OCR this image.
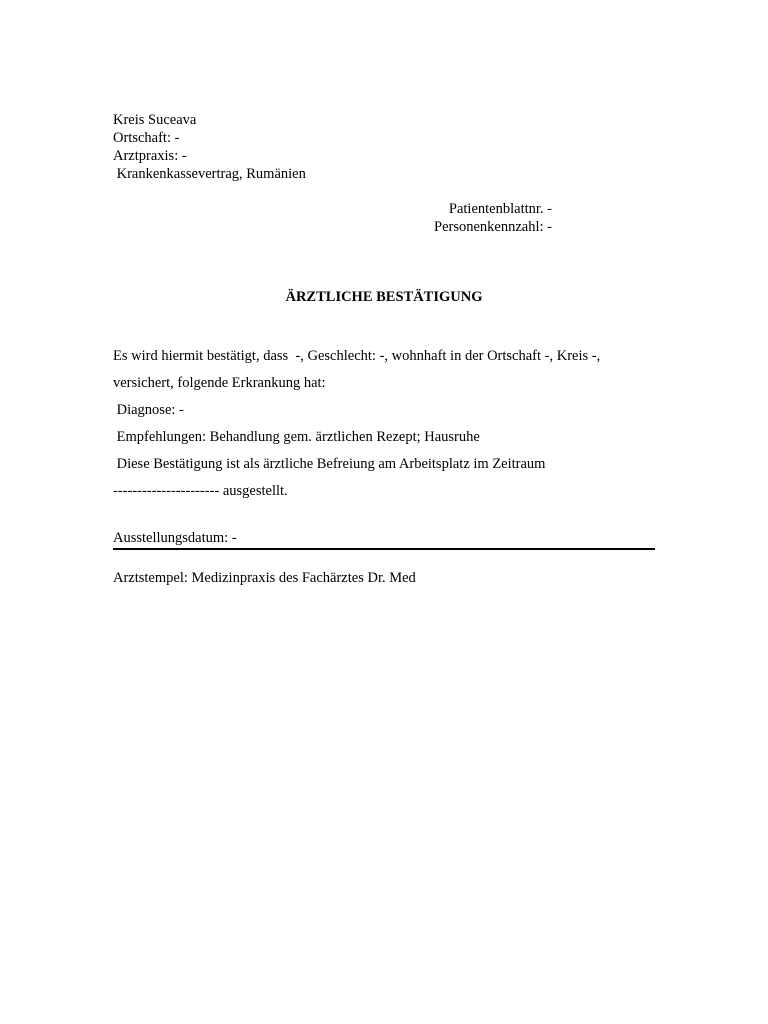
Kreis Suceava
Ortschaft: -
Arztpraxis: -
Krankenkassevertrag, Rumänien
Patientenblattnr. -
Personenkennzahl: -
ÄRZTLICHE BESTÄTIGUNG
Es wird hiermit bestätigt, dass  -, Geschlecht: -, wohnhaft in der Ortschaft -, Kreis -,
versichert, folgende Erkrankung hat:
Diagnose: -
Empfehlungen: Behandlung gem. ärztlichen Rezept; Hausruhe
Diese Bestätigung ist als ärztliche Befreiung am Arbeitsplatz im Zeitraum
---------------------- ausgestellt.
Ausstellungsdatum: -
Arztstempel: Medizinpraxis des Fachärztes Dr. Med
